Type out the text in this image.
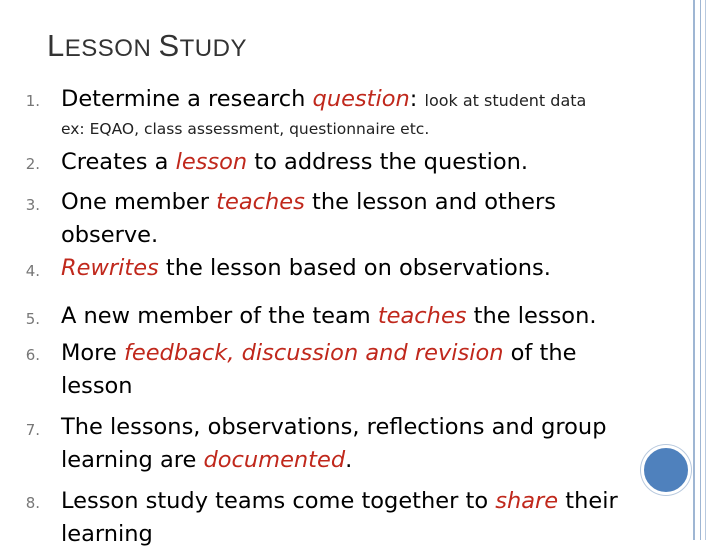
LESSON STUDY
1. Determine a research question: look at student data
ex: EQAO, class assessment, questionnaire etc.
2. Creates a lesson to address the question.
3. One member teaches the lesson and others
observe.
4. Rewrites the lesson based on observations.
5. A new member of the team teaches the lesson.
6. More feedback, discussion and revision of the
lesson
7. The lessons, observations, reflections and group
learning are documented.
8. Lesson study teams come together to share their
learning
